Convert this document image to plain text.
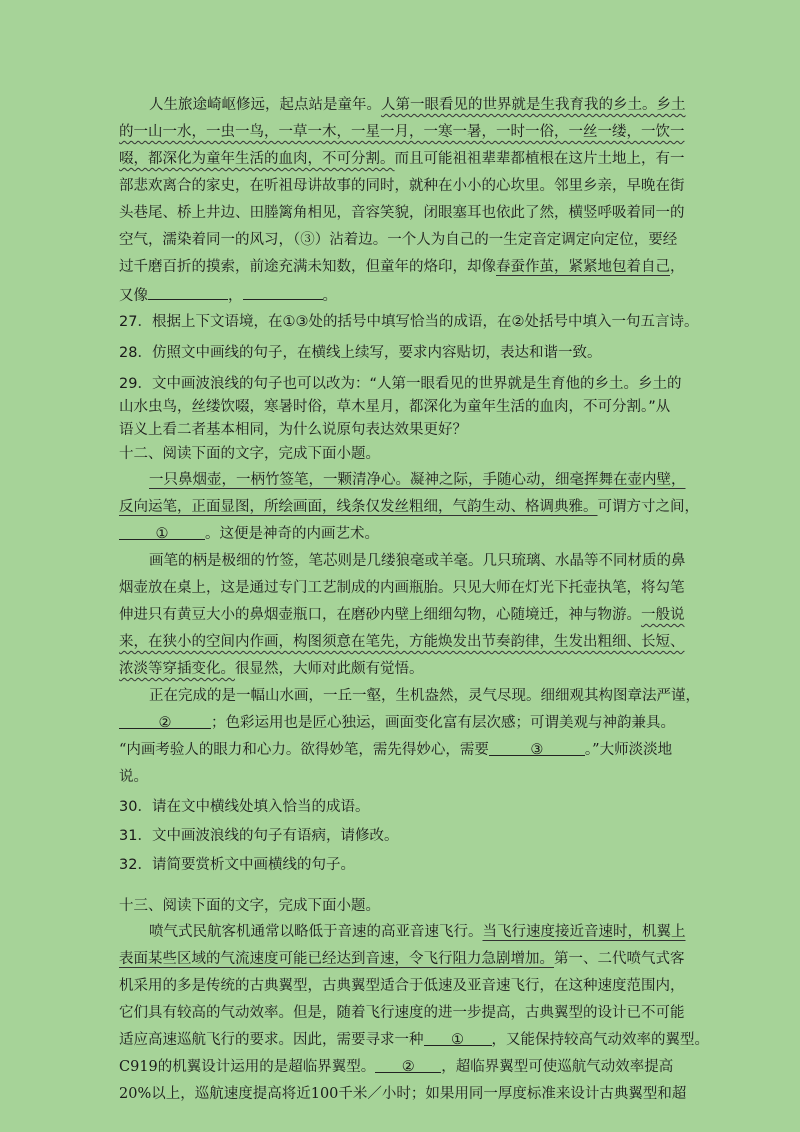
人生旅途崎岖修远，起点站是童年。人第一眼看见的世界就是生我育我的乡土。乡土
的一山一水，一虫一鸟，一草一木，一星一月，一寒一暑，一时一俗，一丝一缕，一饮一
啜，都深化为童年生活的血肉，不可分割。而且可能祖祖辈辈都植根在这片土地上，有一
部悲欢离合的家史，在听祖母讲故事的同时，就种在小小的心坎里。邻里乡亲，早晚在街
头巷尾、桥上井边、田塍篱角相见，音容笑貌，闭眼塞耳也依此了然，横竖呼吸着同一的
空气，濡染着同一的风习，（③）沾着边。一个人为自己的一生定音定调定向定位，要经
过千磨百折的摸索，前途充满未知数，但童年的烙印，却像春蚕作茧，紧紧地包着自己，
又像	，	。
27．根据上下文语境，在①③处的括号中填写恰当的成语，在②处括号中填入一句五言诗。
28．仿照文中画线的句子，在横线上续写，要求内容贴切，表达和谐一致。
29．文中画波浪线的句子也可以改为：“人第一眼看见的世界就是生育他的乡土。乡土的
山水虫鸟，丝缕饮啜，寒暑时俗，草木星月，都深化为童年生活的血肉，不可分割。”从
语义上看二者基本相同，为什么说原句表达效果更好？
十二、阅读下面的文字，完成下面小题。
一只鼻烟壶，一柄竹签笔，一颗清净心。凝神之际，手随心动，细毫挥舞在壶内壁，
反向运笔，正面显图，所绘画面，线条仅发丝粗细，气韵生动、格调典雅。可谓方寸之间，
①	。这便是神奇的内画艺术。
画笔的柄是极细的竹签，笔芯则是几缕狼毫或羊毫。几只琉璃、水晶等不同材质的鼻
烟壶放在桌上，这是通过专门工艺制成的内画瓶胎。只见大师在灯光下托壶执笔，将勾笔
伸进只有黄豆大小的鼻烟壶瓶口，在磨砂内壁上细细勾物，心随境迁，神与物游。一般说
来，在狭小的空间内作画，构图须意在笔先，方能焕发出节奏韵律，生发出粗细、长短、
浓淡等穿插变化。很显然，大师对此颇有觉悟。
正在完成的是一幅山水画，一丘一壑，生机盎然，灵气尽现。细细观其构图章法严谨，
②	；色彩运用也是匠心独运，画面变化富有层次感；可谓美观与神韵兼具。
“内画考验人的眼力和心力。欲得妙笔，需先得妙心，需要	③	。”大师淡淡地
说。
30．请在文中横线处填入恰当的成语。
31．文中画波浪线的句子有语病，请修改。
32．请简要赏析文中画横线的句子。
十三、阅读下面的文字，完成下面小题。
喷气式民航客机通常以略低于音速的高亚音速飞行。当飞行速度接近音速时，机翼上
表面某些区域的气流速度可能已经达到音速，令飞行阻力急剧增加。第一、二代喷气式客
机采用的多是传统的古典翼型，古典翼型适合于低速及亚音速飞行，在这种速度范围内，
它们具有较高的气动效率。但是，随着飞行速度的进一步提高，古典翼型的设计已不可能
适应高速巡航飞行的要求。因此，需要寻求一种 ① ，又能保持较高气动效率的翼型。
C919的机翼设计运用的是超临界翼型。 ② ，超临界翼型可使巡航气动效率提高
20%以上，巡航速度提高将近100千米／小时；如果用同一厚度标准来设计古典翼型和超
